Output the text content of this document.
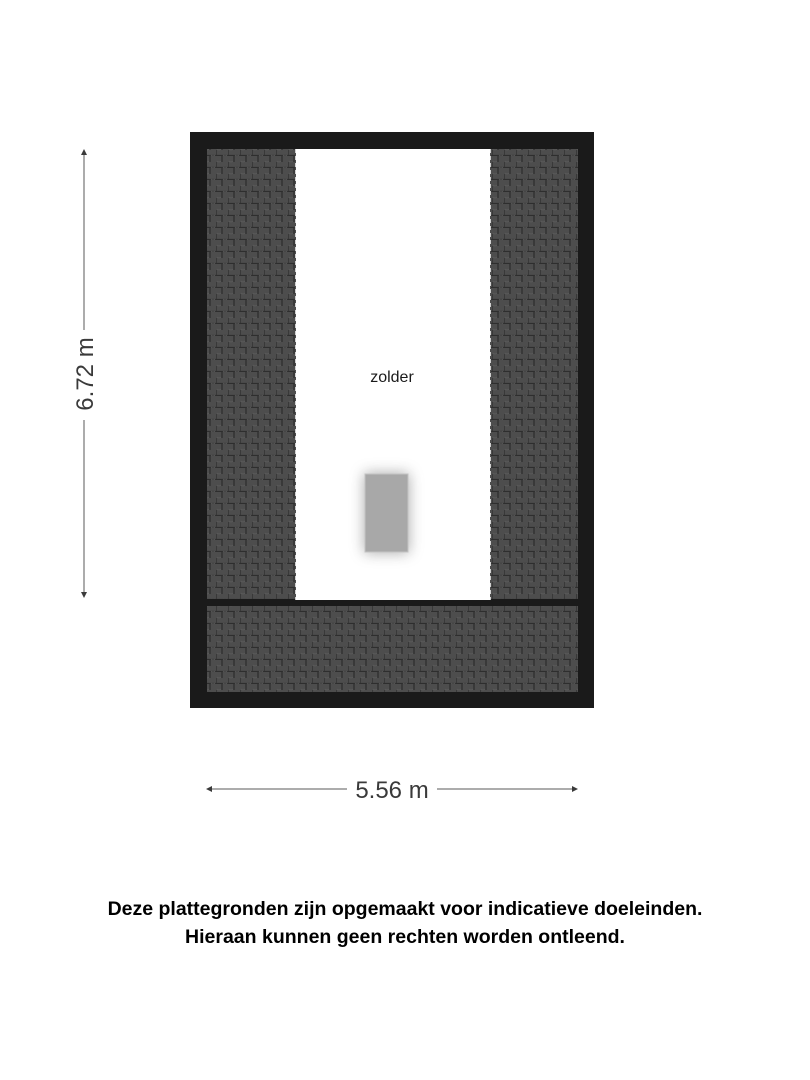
zolder
6.72 m
5.56 m
Deze plattegronden zijn opgemaakt voor indicatieve doeleinden.
Hieraan kunnen geen rechten worden ontleend.
